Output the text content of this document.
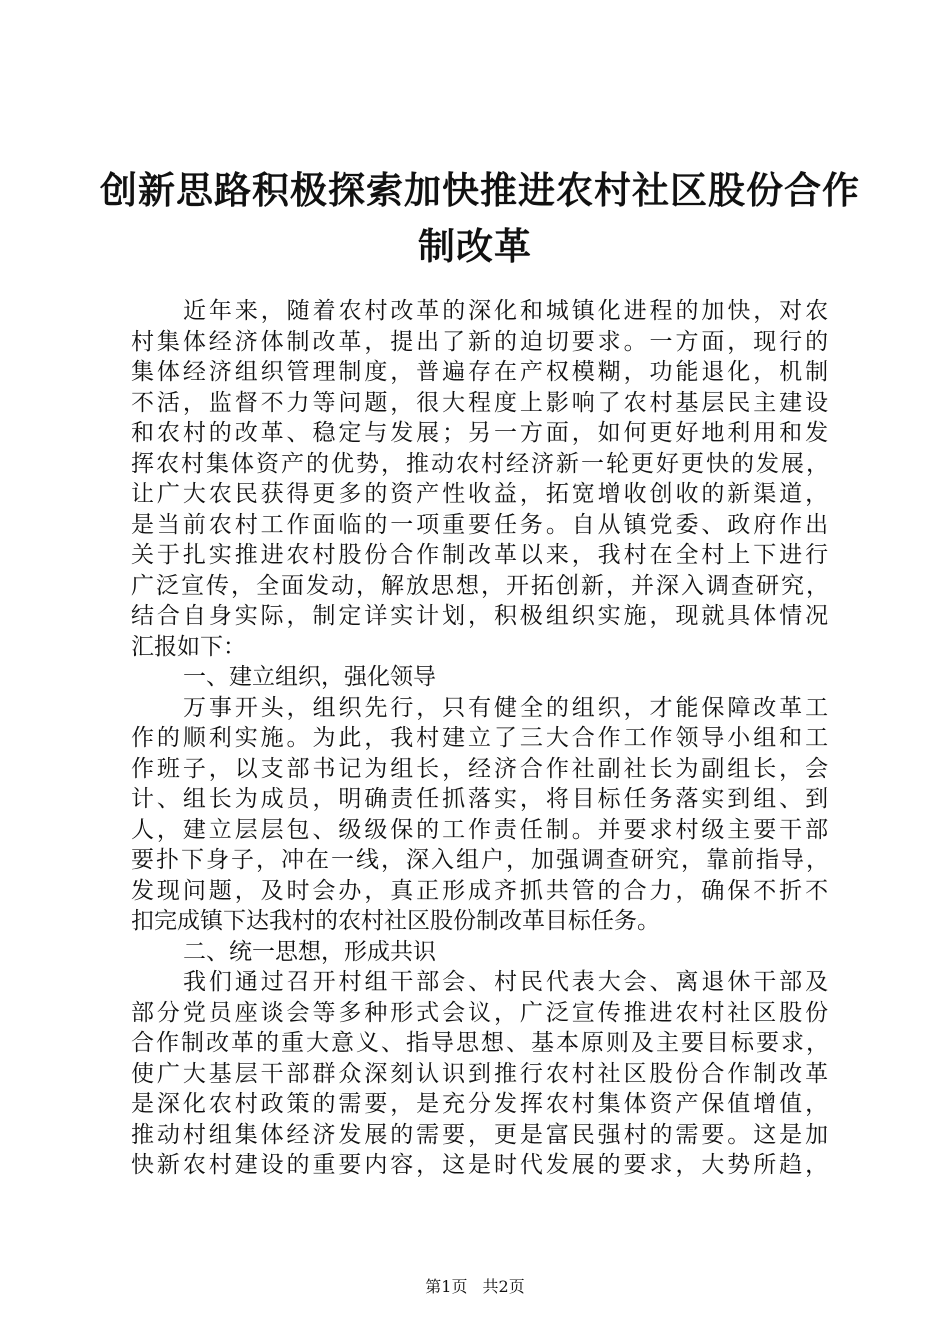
创新思路积极探索加快推进农村社区股份合作
制改革

近年来，随着农村改革的深化和城镇化进程的加快，对农

村集体经济体制改革，提出了新的迫切要求。一方面，现行的

集体经济组织管理制度，普遍存在产权模糊，功能退化，机制

不活，监督不力等问题，很大程度上影响了农村基层民主建设

和农村的改革、稳定与发展；另一方面，如何更好地利用和发

挥农村集体资产的优势，推动农村经济新一轮更好更快的发展，

让广大农民获得更多的资产性收益，拓宽增收创收的新渠道，

是当前农村工作面临的一项重要任务。自从镇党委、政府作出

关于扎实推进农村股份合作制改革以来，我村在全村上下进行

广泛宣传，全面发动，解放思想，开拓创新，并深入调查研究，

结合自身实际，制定详实计划，积极组织实施，现就具体情况

汇报如下：

一、建立组织，强化领导

万事开头，组织先行，只有健全的组织，才能保障改革工

作的顺利实施。为此，我村建立了三大合作工作领导小组和工

作班子，以支部书记为组长，经济合作社副社长为副组长，会

计、组长为成员，明确责任抓落实，将目标任务落实到组、到

人，建立层层包、级级保的工作责任制。并要求村级主要干部

要扑下身子，冲在一线，深入组户，加强调查研究，靠前指导，

发现问题，及时会办，真正形成齐抓共管的合力，确保不折不

扣完成镇下达我村的农村社区股份制改革目标任务。

二、统一思想，形成共识

我们通过召开村组干部会、村民代表大会、离退休干部及

部分党员座谈会等多种形式会议，广泛宣传推进农村社区股份

合作制改革的重大意义、指导思想、基本原则及主要目标要求，

使广大基层干部群众深刻认识到推行农村社区股份合作制改革

是深化农村政策的需要，是充分发挥农村集体资产保值增值，

推动村组集体经济发展的需要，更是富民强村的需要。这是加

快新农村建设的重要内容，这是时代发展的要求，大势所趋，

第1页 共2页
